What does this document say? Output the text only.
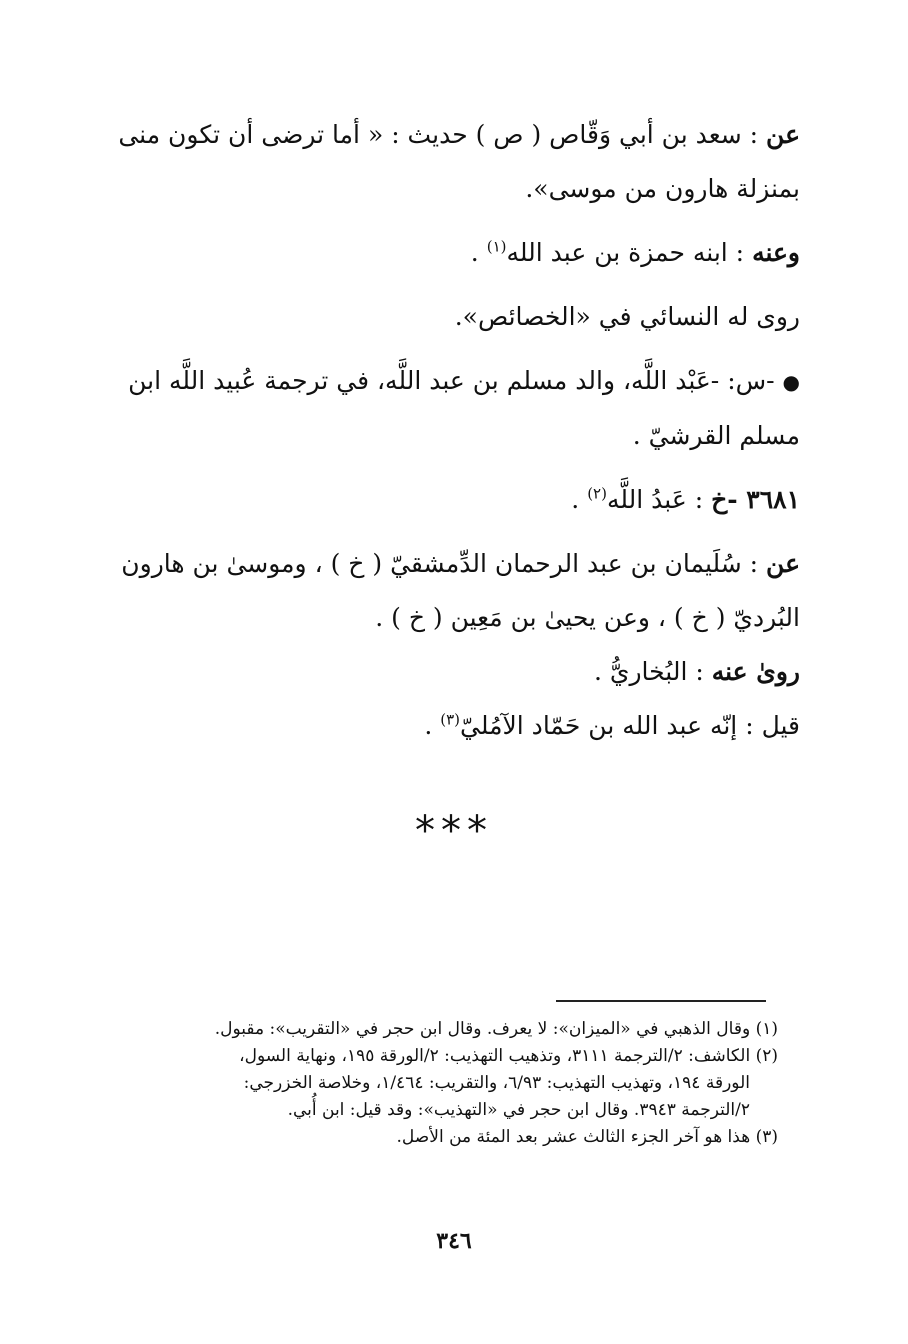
عن : سعد بن أبي وَقّاص ( ص ) حديث : « أما ترضى أن تكون منى بمنزلة هارون من موسى».

وعنه : ابنه حمزة بن عبد الله$^{(١)}$ .

روى له النسائي في «الخصائص».

● -س: -عَبْد اللَّه، والد مسلم بن عبد اللَّه، في ترجمة عُبيد اللَّه ابن مسلم القرشيّ .

٣٦٨١ -خ : عَبدُ اللَّه$^{(٢)}$ .

عن : سُلَيمان بن عبد الرحمان الدِّمشقيّ ( خ ) ، وموسىٰ بن هارون البُرديّ ( خ ) ، وعن يحيىٰ بن مَعِين ( خ ) .

روىٰ عنه : البُخاريُّ .

قيل : إنّه عبد الله بن حَمّاد الآمُليّ$^{(٣)}$ .

***

(١) وقال الذهبي في «الميزان»: لا يعرف. وقال ابن حجر في «التقريب»: مقبول.

(٢) الكاشف: ٢/الترجمة ٣١١١، وتذهيب التهذيب: ٢/الورقة ١٩٥، ونهاية السول،

الورقة ١٩٤، وتهذيب التهذيب: ٦/٩٣، والتقريب: ١/٤٦٤، وخلاصة الخزرجي:

٢/الترجمة ٣٩٤٣. وقال ابن حجر في «التهذيب»: وقد قيل: ابن أُبي.

(٣) هذا هو آخر الجزء الثالث عشر بعد المئة من الأصل.

٣٤٦
